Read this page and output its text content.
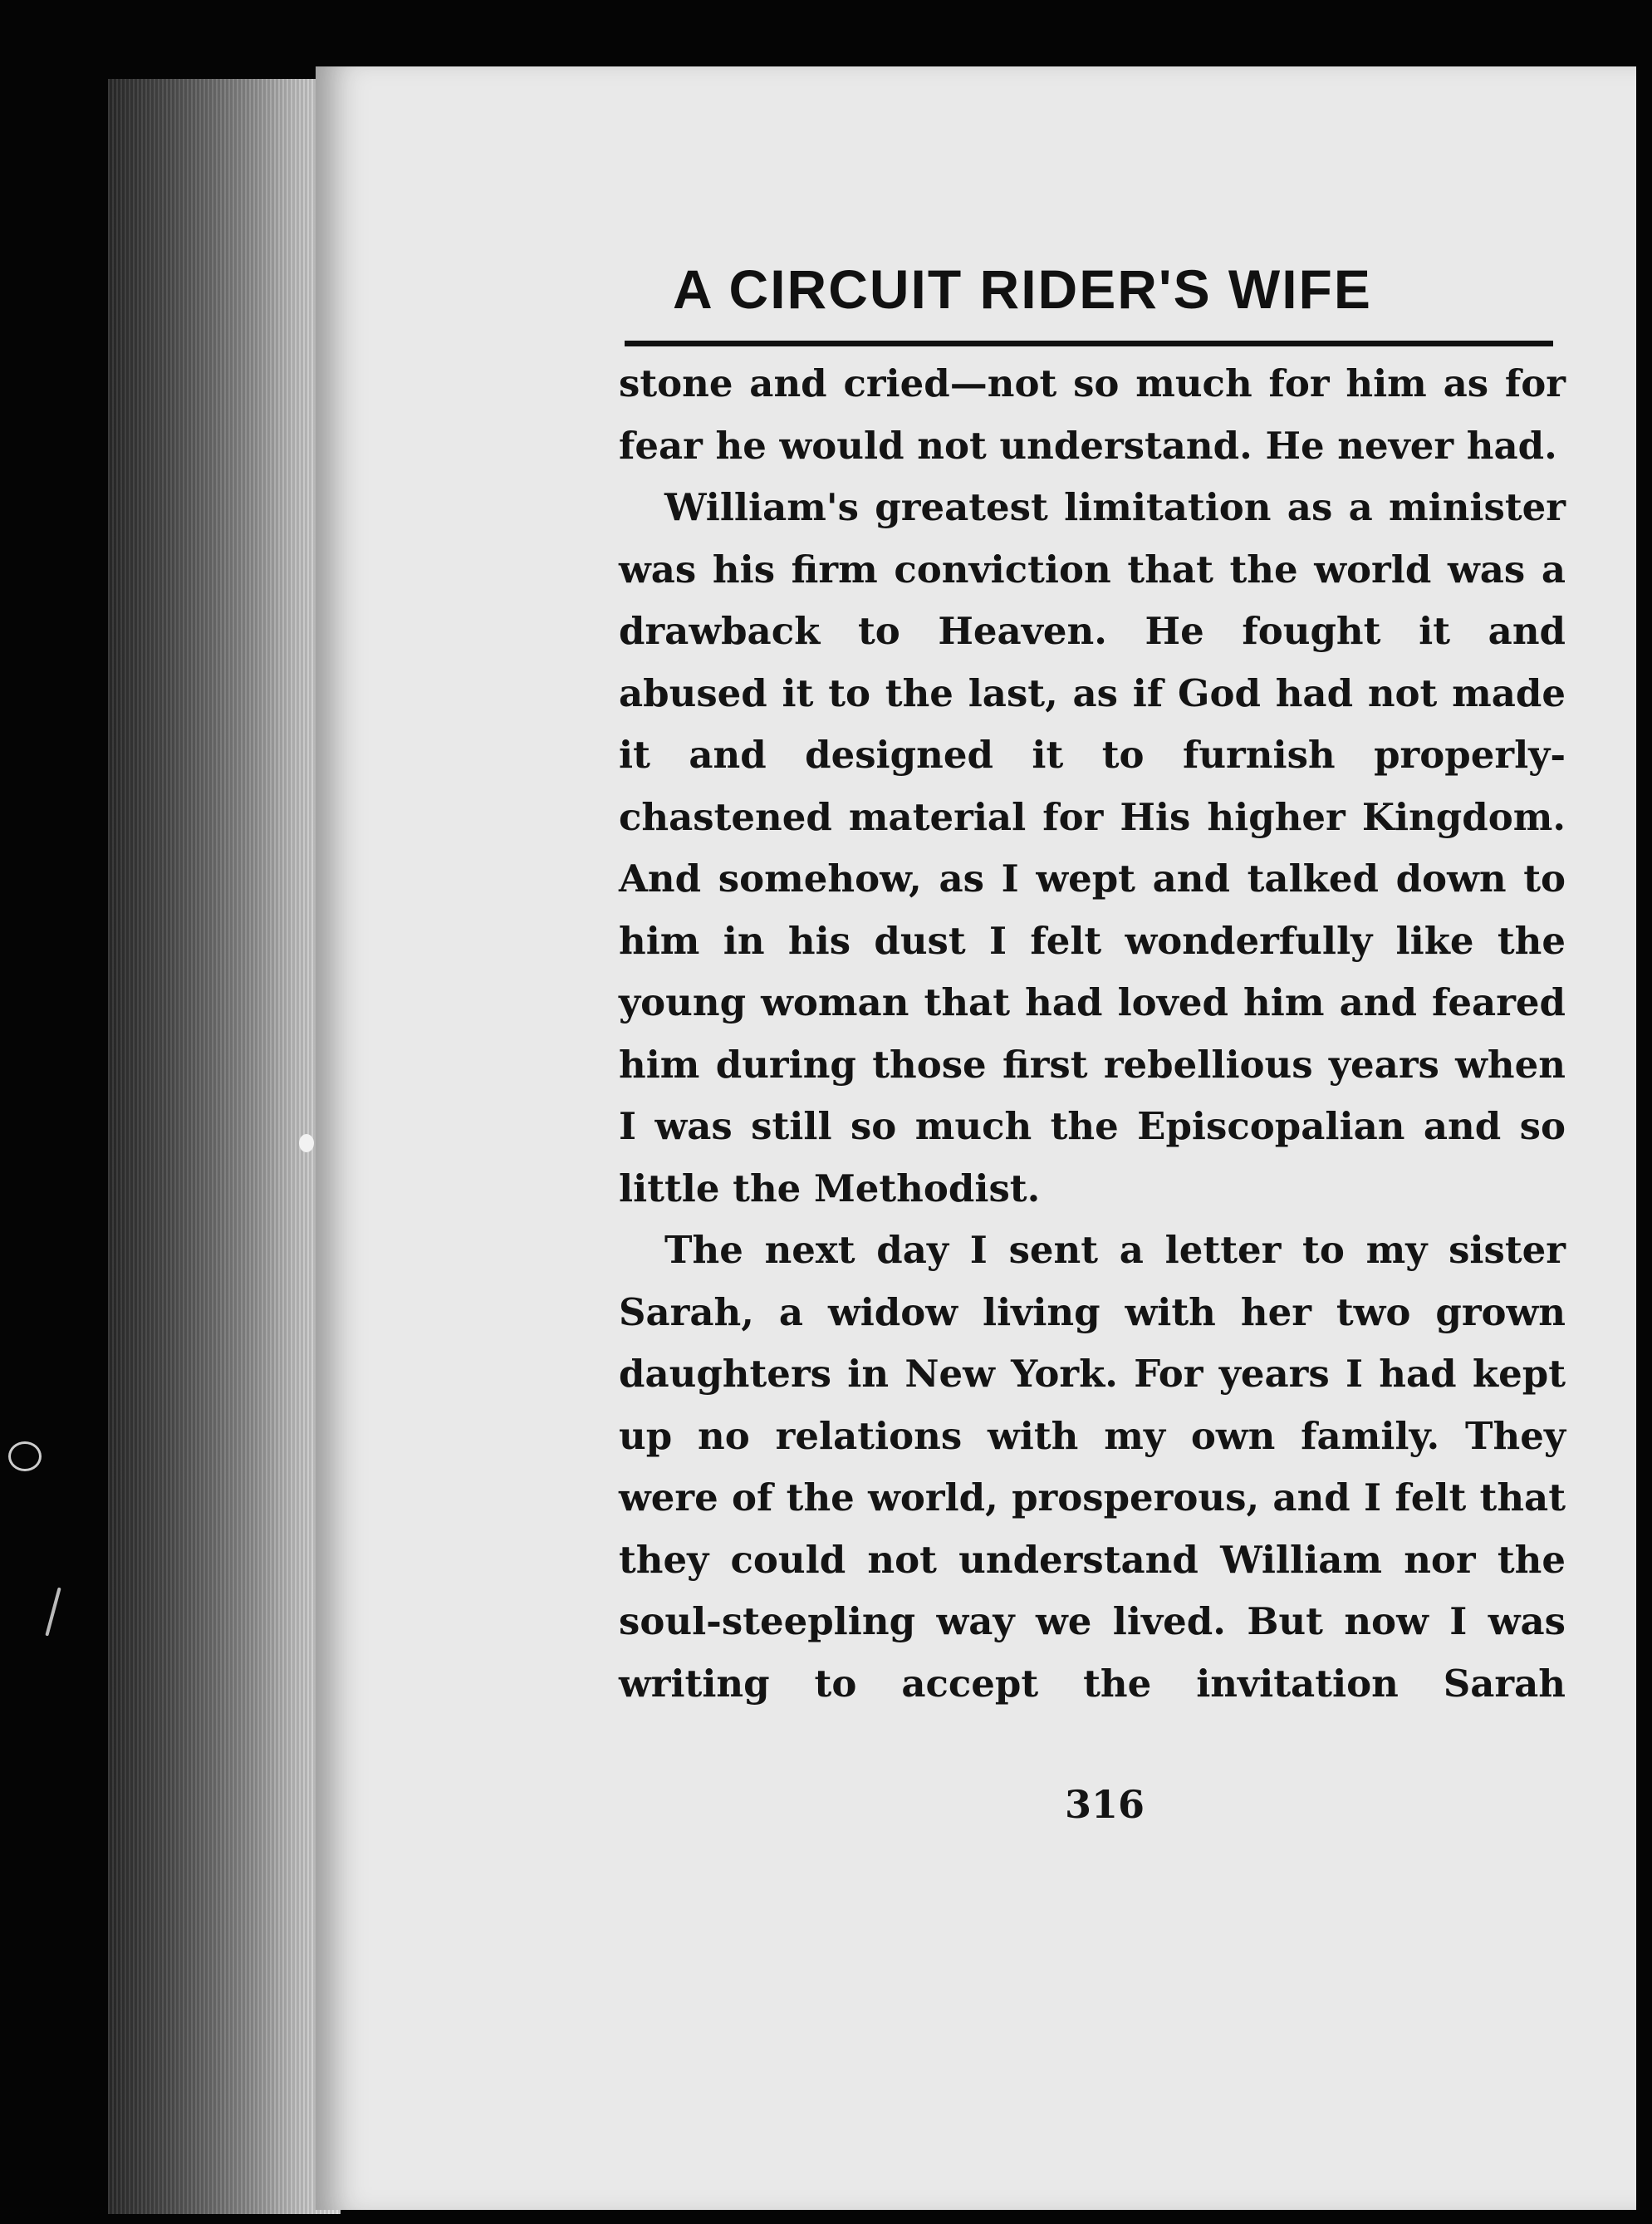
A CIRCUIT RIDER'S WIFE

stone and cried—not so much for him as for fear he would not understand. He never had.

William's greatest limitation as a minister was his firm conviction that the world was a drawback to Heaven. He fought it and abused it to the last, as if God had not made it and designed it to furnish properly-chastened material for His higher Kingdom. And somehow, as I wept and talked down to him in his dust I felt wonderfully like the young woman that had loved him and feared him during those first rebellious years when I was still so much the Episcopalian and so little the Methodist.

The next day I sent a letter to my sister Sarah, a widow living with her two grown daughters in New York. For years I had kept up no relations with my own family. They were of the world, prosperous, and I felt that they could not understand William nor the soul-steepling way we lived. But now I was writing to accept the invitation Sarah

316
